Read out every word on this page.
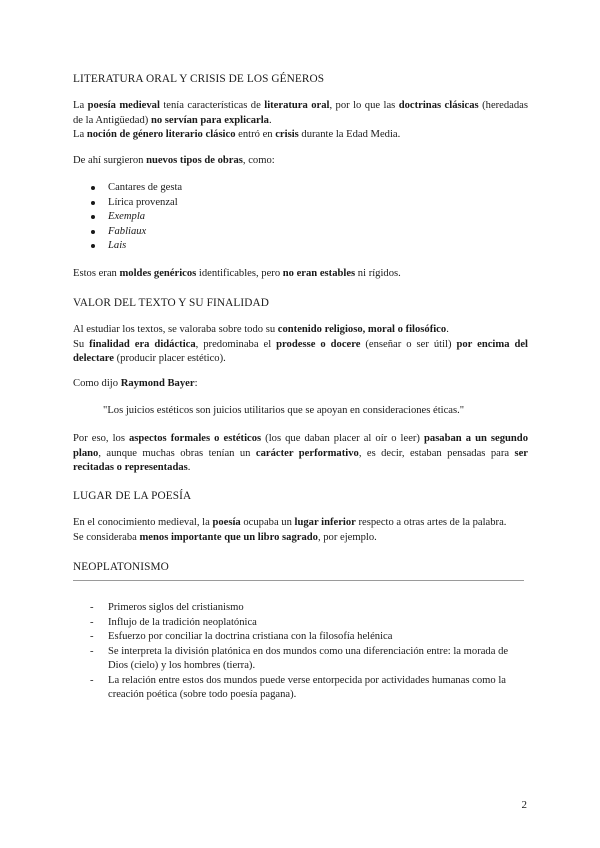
LITERATURA ORAL Y CRISIS DE LOS GÉNEROS

La poesía medieval tenía características de literatura oral, por lo que las doctrinas clásicas (heredadas de la Antigüedad) no servían para explicarla.

La noción de género literario clásico entró en crisis durante la Edad Media.

De ahí surgieron nuevos tipos de obras, como:

Cantares de gesta
Lírica provenzal
Exempla
Fabliaux
Lais

Estos eran moldes genéricos identificables, pero no eran estables ni rígidos.

VALOR DEL TEXTO Y SU FINALIDAD

Al estudiar los textos, se valoraba sobre todo su contenido religioso, moral o filosófico.

Su finalidad era didáctica, predominaba el prodesse o docere (enseñar o ser útil) por encima del delectare (producir placer estético).

Como dijo Raymond Bayer:

"Los juicios estéticos son juicios utilitarios que se apoyan en consideraciones éticas."

Por eso, los aspectos formales o estéticos (los que daban placer al oír o leer) pasaban a un segundo plano, aunque muchas obras tenían un carácter performativo, es decir, estaban pensadas para ser recitadas o representadas.

LUGAR DE LA POESÍA

En el conocimiento medieval, la poesía ocupaba un lugar inferior respecto a otras artes de la palabra.

Se consideraba menos importante que un libro sagrado, por ejemplo.

NEOPLATONISMO
- Primeros siglos del cristianismo
- Influjo de la tradición neoplatónica
- Esfuerzo por conciliar la doctrina cristiana con la filosofía helénica
- Se interpreta la división platónica en dos mundos como una diferenciación entre: la morada de Dios (cielo) y los hombres (tierra).
- La relación entre estos dos mundos puede verse entorpecida por actividades humanas como la creación poética (sobre todo poesía pagana).
2
